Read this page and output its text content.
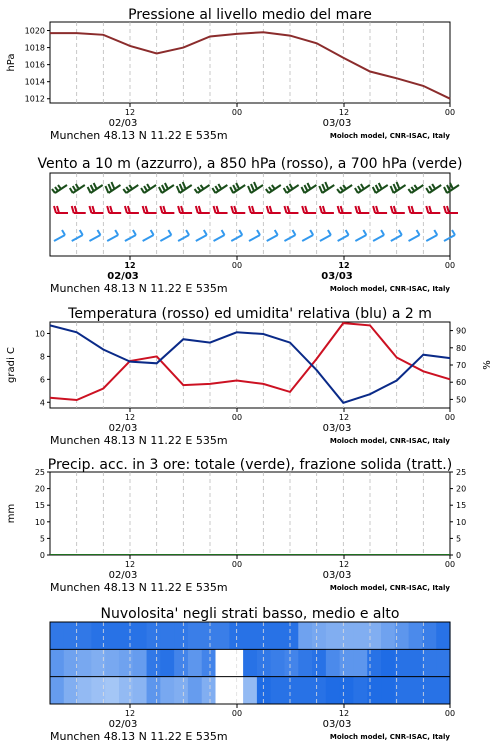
Pressione al livello medio del mare
12	00	12	00
02/03	03/03
Munchen 48.13 N 11.22 E 535m	Moloch model, CNR-ISAC, Italy
1012
1014
1016
1018
1020
hPa
Vento a 10 m (azzurro), a 850 hPa (rosso), a 700 hPa (verde)
12	00	12	00
02/03	03/03
Munchen 48.13 N 11.22 E 535m	Moloch model, CNR-ISAC, Italy
Temperatura (rosso) ed umidita' relativa (blu) a 2 m
12	00	12	00
02/03	03/03
Munchen 48.13 N 11.22 E 535m	Moloch model, CNR-ISAC, Italy
4
6
8
10
50
60
70
80
90
gradi C	%
Precip. acc. in 3 ore: totale (verde), frazione solida (tratt.)
12	00	12	00
02/03	03/03
Munchen 48.13 N 11.22 E 535m	Moloch model, CNR-ISAC, Italy
0	0
5	5
10	10
15	15
20	20
25	25
mm
Nuvolosita' negli strati basso, medio e alto
12	00	12	00
02/03	03/03
Munchen 48.13 N 11.22 E 535m	Moloch model, CNR-ISAC, Italy
